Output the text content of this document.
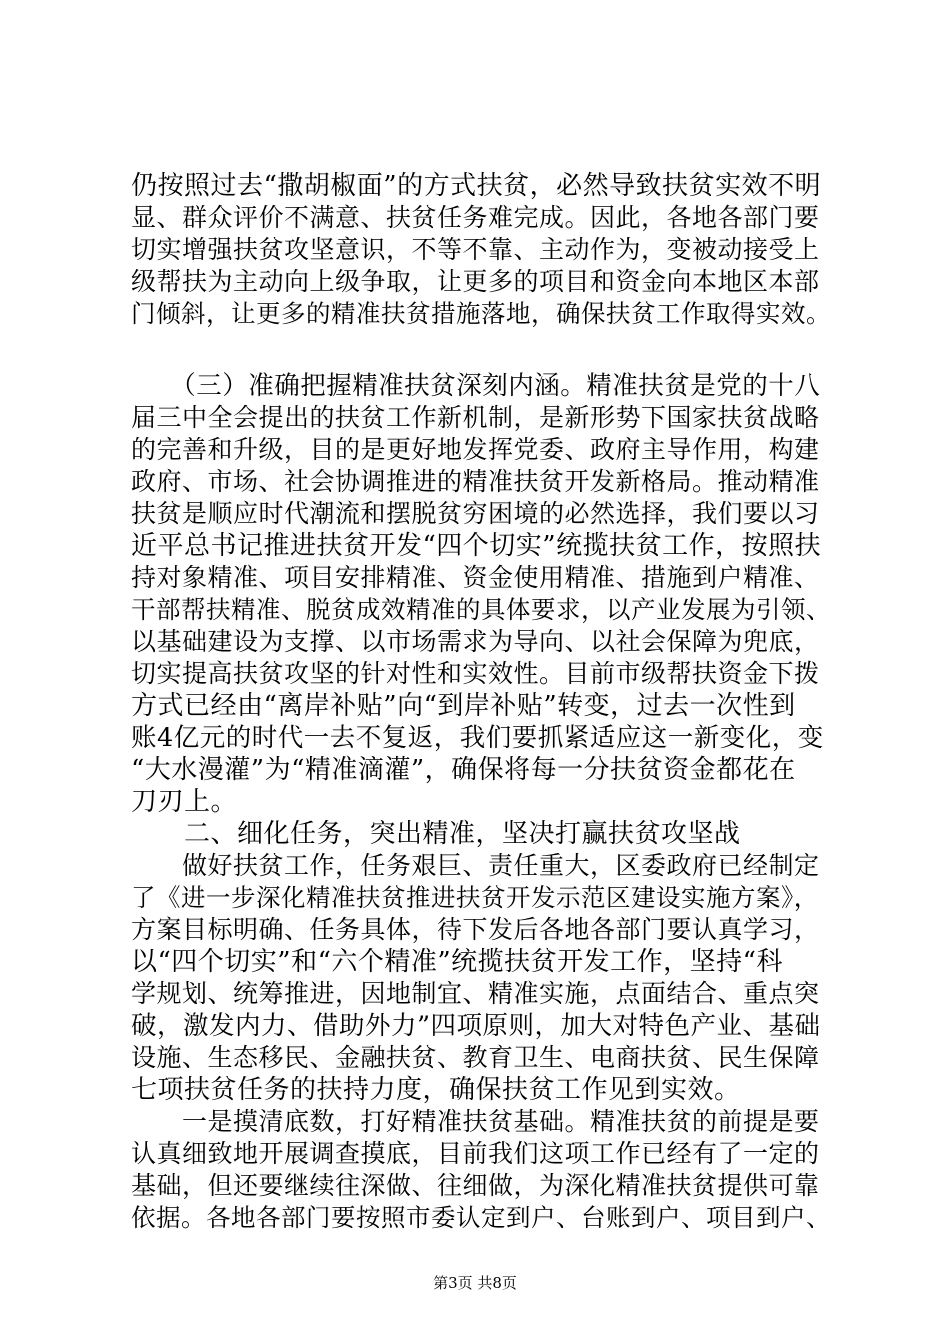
仍按照过去“撒胡椒面”的方式扶贫，必然导致扶贫实效不明
显、群众评价不满意、扶贫任务难完成。因此，各地各部门要
切实增强扶贫攻坚意识，不等不靠、主动作为，变被动接受上
级帮扶为主动向上级争取，让更多的项目和资金向本地区本部
门倾斜，让更多的精准扶贫措施落地，确保扶贫工作取得实效。
　　（三）准确把握精准扶贫深刻内涵。精准扶贫是党的十八
届三中全会提出的扶贫工作新机制，是新形势下国家扶贫战略
的完善和升级，目的是更好地发挥党委、政府主导作用，构建
政府、市场、社会协调推进的精准扶贫开发新格局。推动精准
扶贫是顺应时代潮流和摆脱贫穷困境的必然选择，我们要以习
近平总书记推进扶贫开发“四个切实”统揽扶贫工作，按照扶
持对象精准、项目安排精准、资金使用精准、措施到户精准、
干部帮扶精准、脱贫成效精准的具体要求，以产业发展为引领、
以基础建设为支撑、以市场需求为导向、以社会保障为兜底，
切实提高扶贫攻坚的针对性和实效性。目前市级帮扶资金下拨
方式已经由“离岸补贴”向“到岸补贴”转变，过去一次性到
账4亿元的时代一去不复返，我们要抓紧适应这一新变化，变
“大水漫灌”为“精准滴灌”，确保将每一分扶贫资金都花在
刀刃上。
　　二、细化任务，突出精准，坚决打赢扶贫攻坚战
　　做好扶贫工作，任务艰巨、责任重大，区委政府已经制定
了《进一步深化精准扶贫推进扶贫开发示范区建设实施方案》，
方案目标明确、任务具体，待下发后各地各部门要认真学习，
以“四个切实”和“六个精准”统揽扶贫开发工作，坚持“科
学规划、统筹推进，因地制宜、精准实施，点面结合、重点突
破，激发内力、借助外力”四项原则，加大对特色产业、基础
设施、生态移民、金融扶贫、教育卫生、电商扶贫、民生保障
七项扶贫任务的扶持力度，确保扶贫工作见到实效。
　　一是摸清底数，打好精准扶贫基础。精准扶贫的前提是要
认真细致地开展调查摸底，目前我们这项工作已经有了一定的
基础，但还要继续往深做、往细做，为深化精准扶贫提供可靠
依据。各地各部门要按照市委认定到户、台账到户、项目到户、
第3页 共8页
